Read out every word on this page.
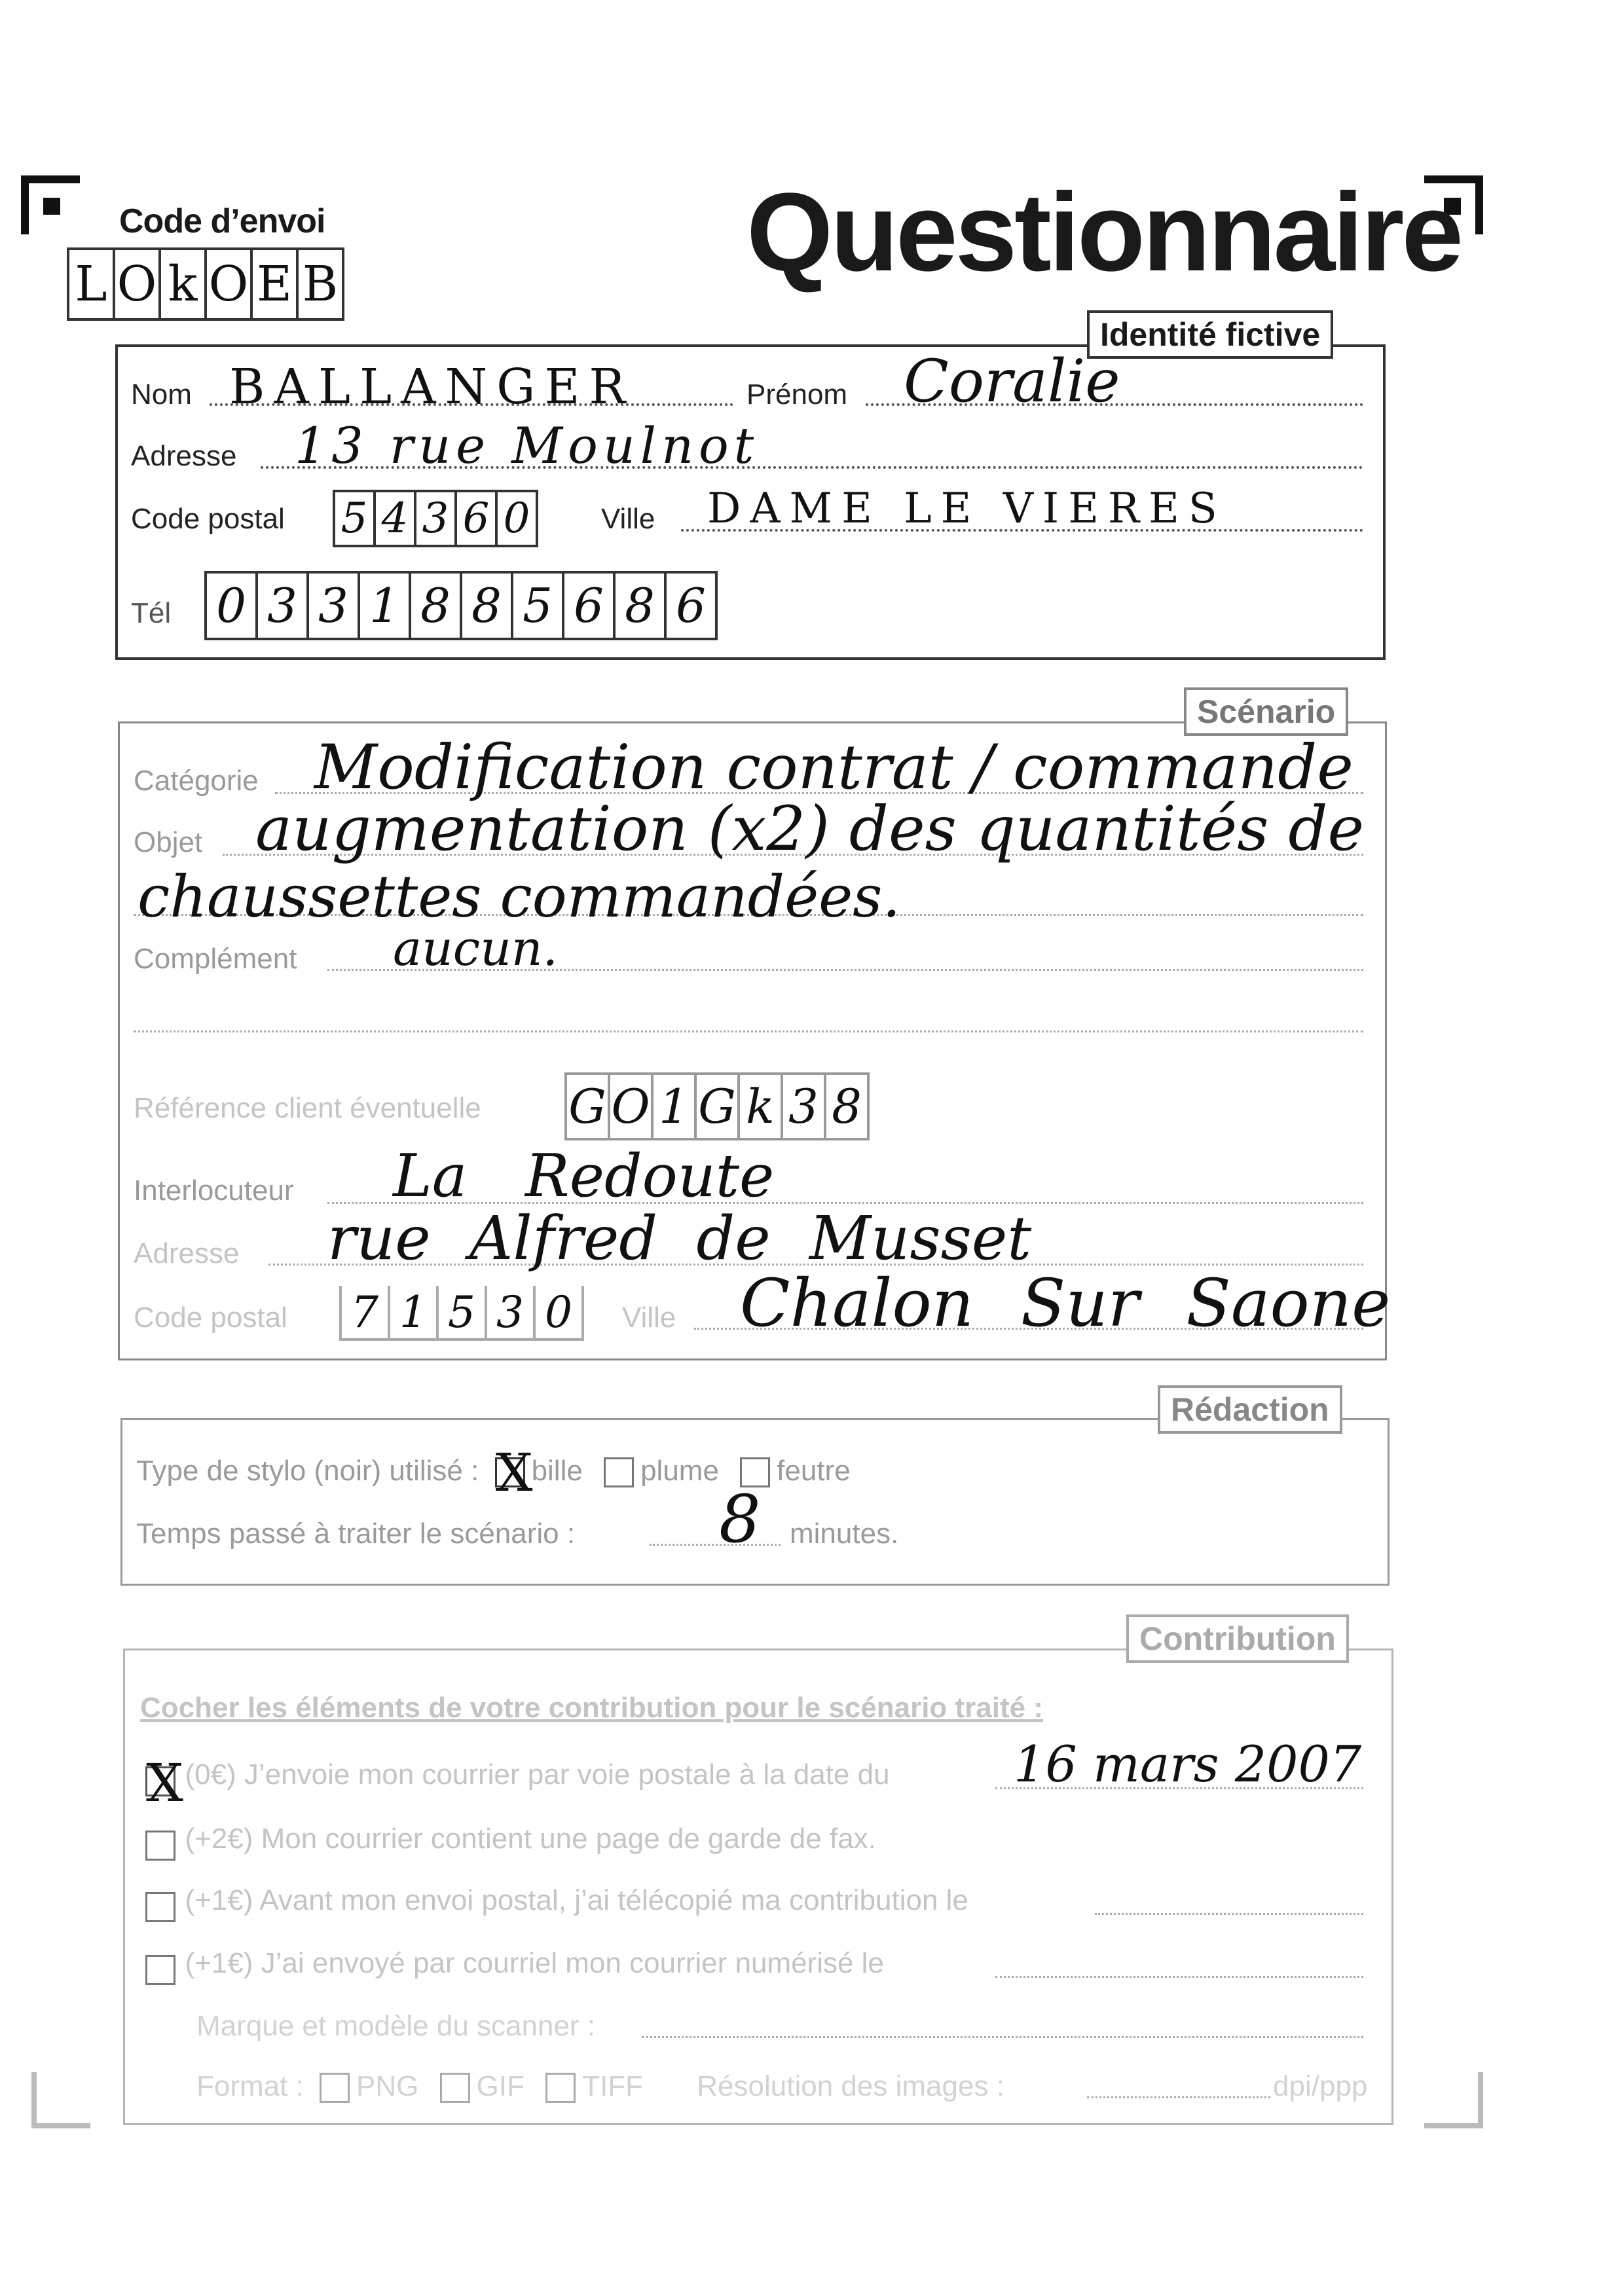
Code d’envoi
L O k O E B	Questionnaire
Identité fictive
Nom BALLANGER	Prénom Coralie
Adresse 13 rue Moulnot
Code postal 5 4 3 6 0 Ville DAME LE VIERES
Tél 0 3 3 1 8 8 5 6 8 6
Scénario
Catégorie Modification contrat / commande
Objet augmentation (x2) des quantités de
chaussettes commandées.
Complément aucun.
Référence client éventuelle G O 1 G k 3 8
Interlocuteur La Redoute
Adresse rue Alfred de Musset
Code postal 7 1 5 3 0	Ville Chalon Sur Saone
Rédaction
Type de stylo (noir) utilisé : X
bille plume feutre
Temps passé à traiter le scénario : 8 minutes.
Contribution
Cocher les éléments de votre contribution pour le scénario traité :
X (0€) J’envoie mon courrier par voie postale à la date du 16 mars 2007
(+2€) Mon courrier contient une page de garde de fax.
(+1€) Avant mon envoi postal, j’ai télécopié ma contribution le
(+1€) J’ai envoyé par courriel mon courrier numérisé le
Marque et modèle du scanner :
Format : PNG GIF TIFF Résolution des images :	dpi/ppp
